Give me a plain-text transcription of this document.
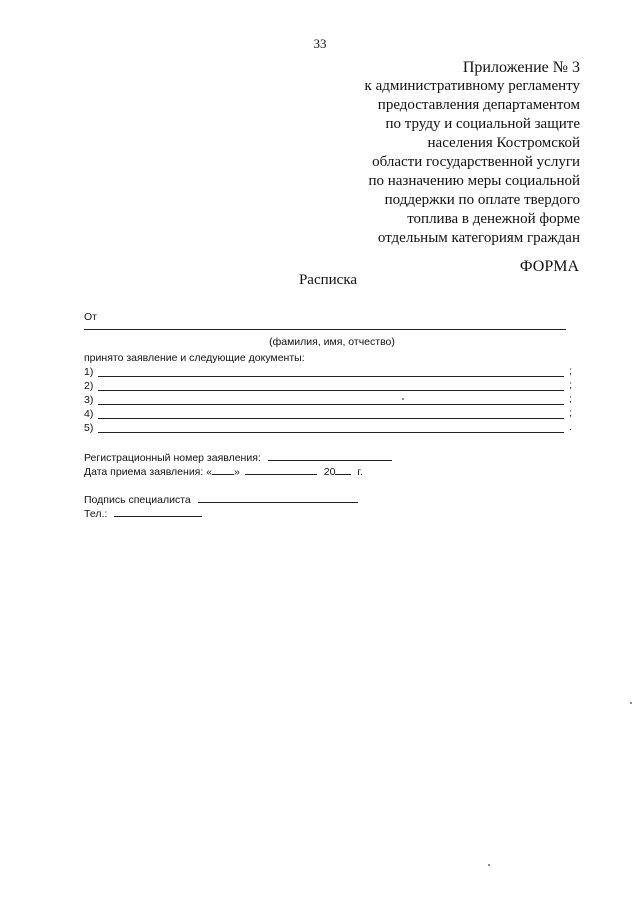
33
Приложение № 3
к административному регламенту
предоставления департаментом
по труду и социальной защите
населения Костромской
области государственной услуги
по назначению меры социальной
поддержки по оплате твердого
топлива в денежной форме
отдельным категориям граждан
ФОРМА
Расписка
От
(фамилия, имя, отчество)
принято заявление и следующие документы:
1)	;
2)	;
3)	;
4)	;
5)	.
Регистрационный номер заявления:
Дата приема заявления: « »	20 г.
Подпись специалиста
Тел.:
